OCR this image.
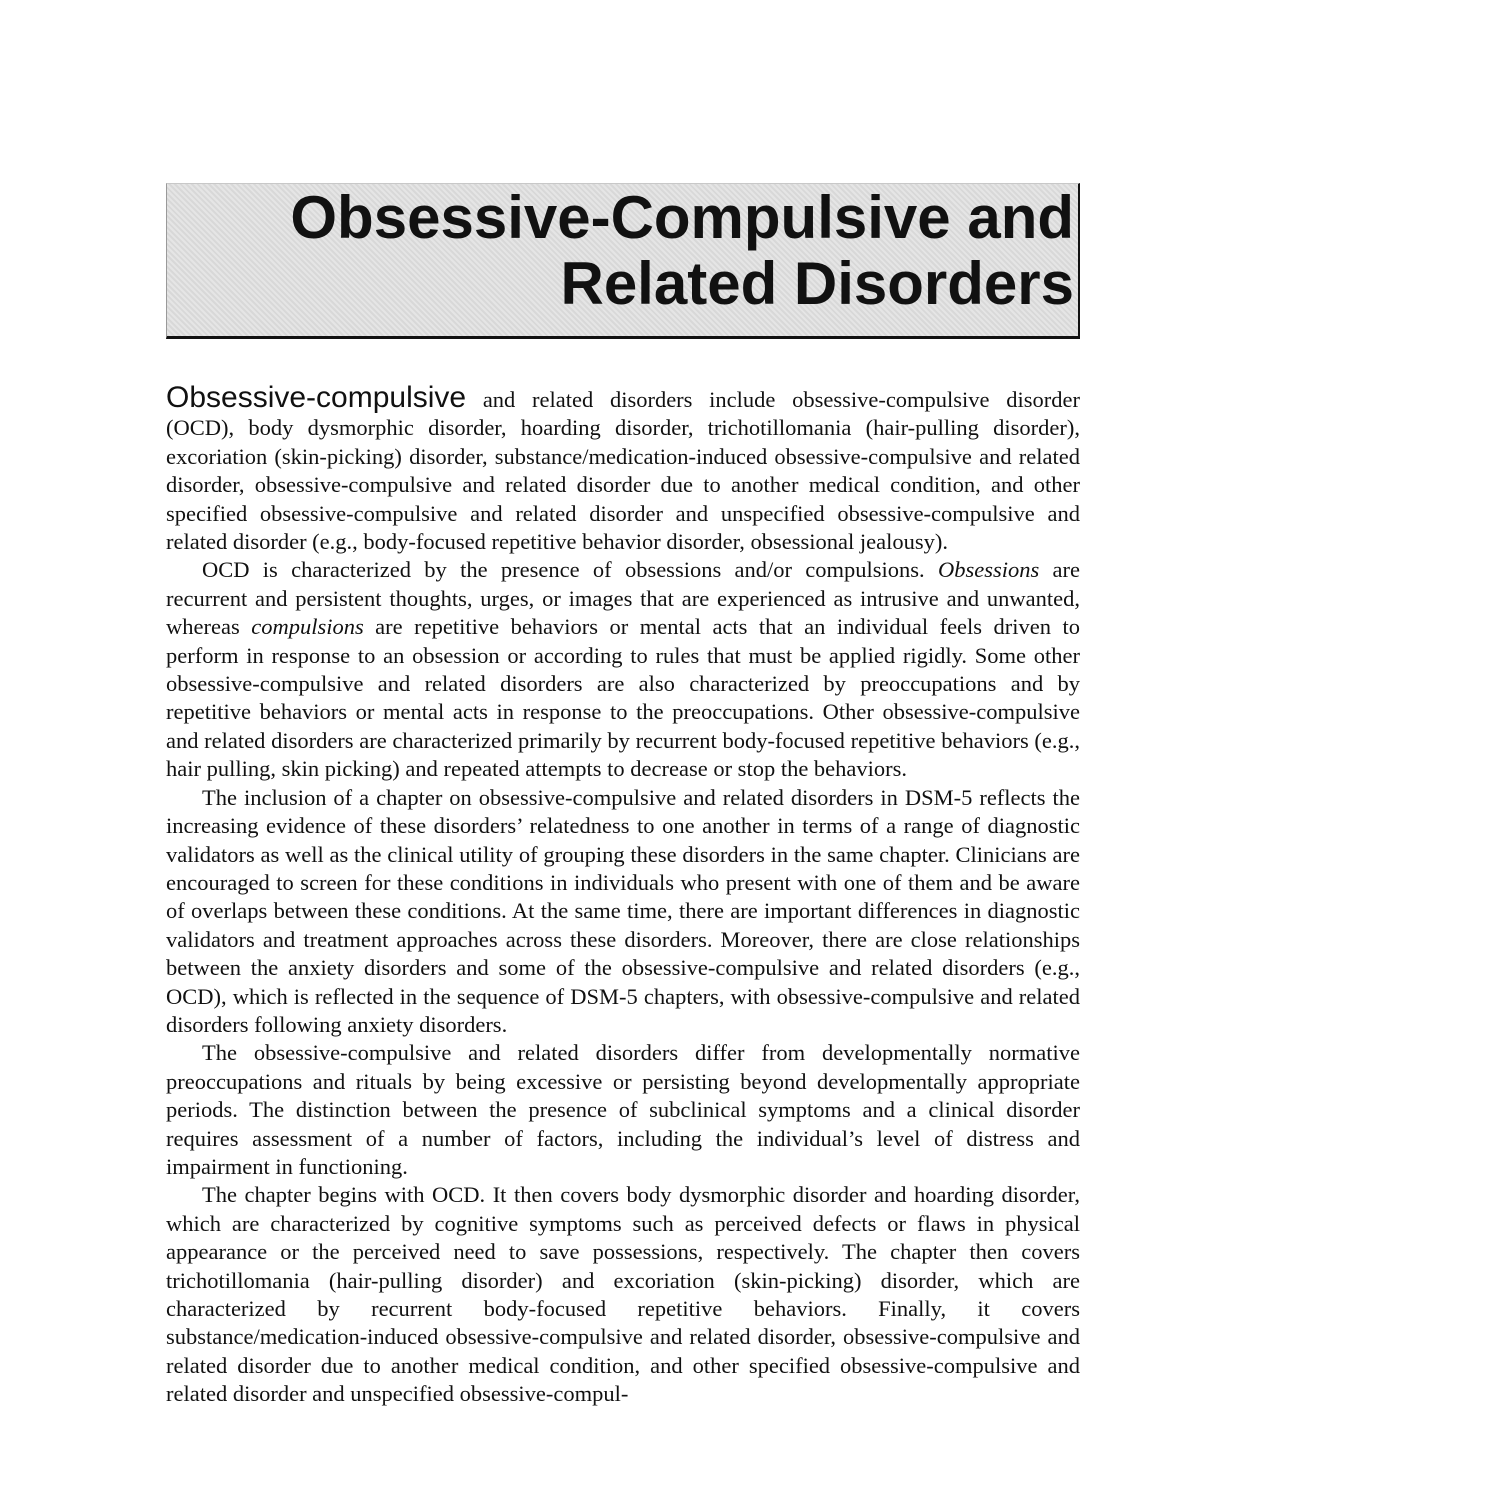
Obsessive-Compulsive and
Related Disorders

Obsessive-compulsive and related disorders include obsessive-compulsive disorder (OCD), body dysmorphic disorder, hoarding disorder, trichotillomania (hair-pulling disorder), excoriation (skin-picking) disorder, substance/medication-induced obsessive-compulsive and related disorder, obsessive-compulsive and related disorder due to another medical condition, and other specified obsessive-compulsive and related disorder and unspecified obsessive-compulsive and related disorder (e.g., body-focused repetitive behavior disorder, obsessional jealousy).

OCD is characterized by the presence of obsessions and/or compulsions. Obsessions are recurrent and persistent thoughts, urges, or images that are experienced as intrusive and unwanted, whereas compulsions are repetitive behaviors or mental acts that an individual feels driven to perform in response to an obsession or according to rules that must be applied rigidly. Some other obsessive-compulsive and related disorders are also characterized by preoccupations and by repetitive behaviors or mental acts in response to the preoccupations. Other obsessive-compulsive and related disorders are characterized primarily by recurrent body-focused repetitive behaviors (e.g., hair pulling, skin picking) and repeated attempts to decrease or stop the behaviors.

The inclusion of a chapter on obsessive-compulsive and related disorders in DSM-5 reflects the increasing evidence of these disorders’ relatedness to one another in terms of a range of diagnostic validators as well as the clinical utility of grouping these disorders in the same chapter. Clinicians are encouraged to screen for these conditions in individuals who present with one of them and be aware of overlaps between these conditions. At the same time, there are important differences in diagnostic validators and treatment approaches across these disorders. Moreover, there are close relationships between the anxiety disorders and some of the obsessive-compulsive and related disorders (e.g., OCD), which is reflected in the sequence of DSM-5 chapters, with obsessive-compulsive and related disorders following anxiety disorders.

The obsessive-compulsive and related disorders differ from developmentally normative preoccupations and rituals by being excessive or persisting beyond developmentally appropriate periods. The distinction between the presence of subclinical symptoms and a clinical disorder requires assessment of a number of factors, including the individual’s level of distress and impairment in functioning.

The chapter begins with OCD. It then covers body dysmorphic disorder and hoarding disorder, which are characterized by cognitive symptoms such as perceived defects or flaws in physical appearance or the perceived need to save possessions, respectively. The chapter then covers trichotillomania (hair-pulling disorder) and excoriation (skin-picking) disorder, which are characterized by recurrent body-focused repetitive behaviors. Finally, it covers substance/medication-induced obsessive-compulsive and related disorder, obsessive-compulsive and related disorder due to another medical condition, and other specified obsessive-compulsive and related disorder and unspecified obsessive-compul-
